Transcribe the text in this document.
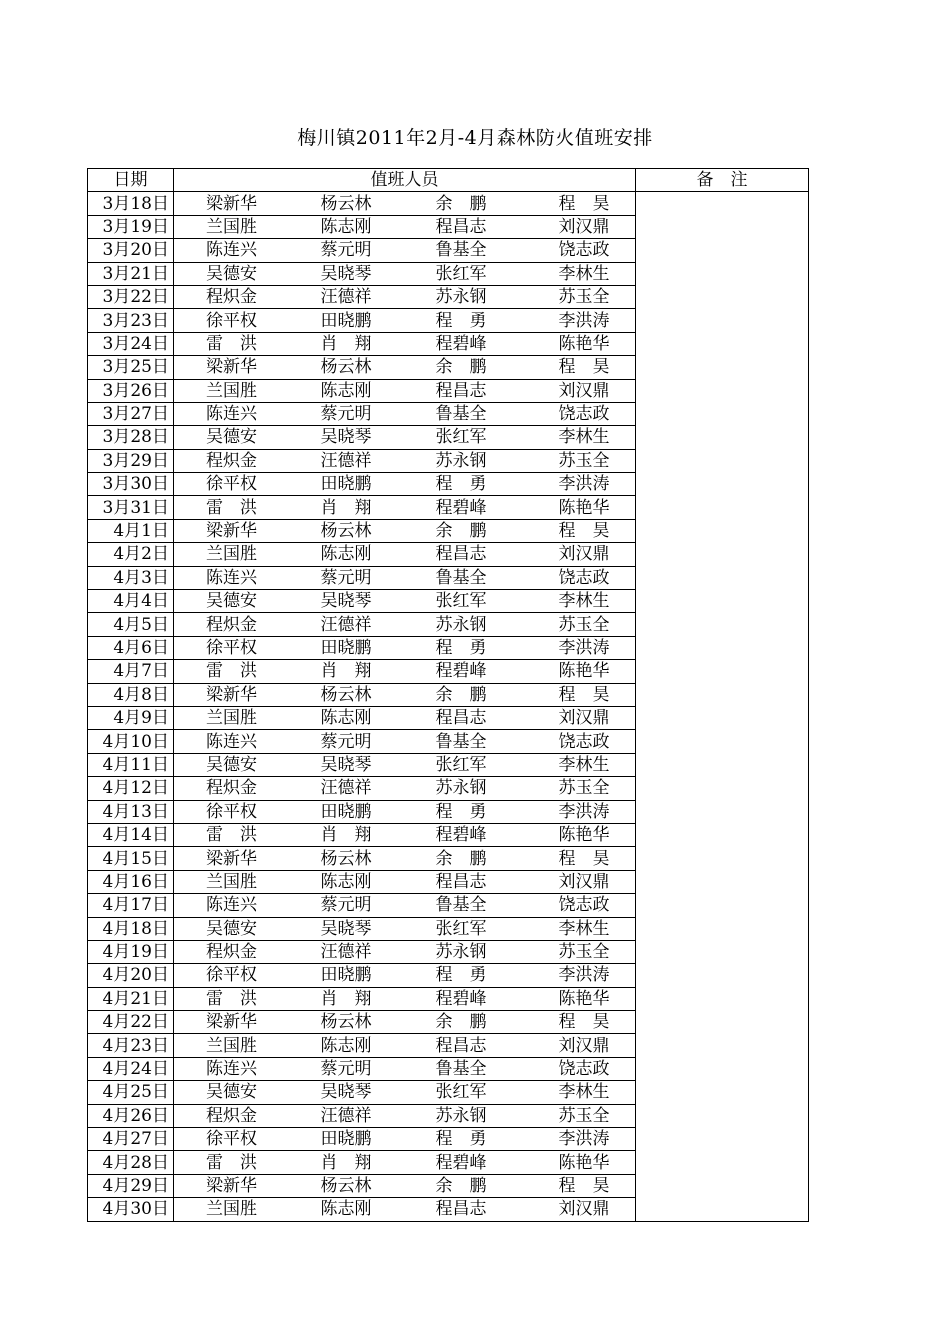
梅川镇2011年2月-4月森林防火值班安排
日期	值班人员				备　注
3月18日	梁新华	杨云林	余　鹏	程　昊	
3月19日	兰国胜	陈志刚	程昌志	刘汉鼎	
3月20日	陈连兴	蔡元明	鲁基全	饶志政	
3月21日	吴德安	吴晓琴	张红军	李林生	
3月22日	程炽金	汪德祥	苏永钢	苏玉全	
3月23日	徐平权	田晓鹏	程　勇	李洪涛	
3月24日	雷　洪	肖　翔	程碧峰	陈艳华	
3月25日	梁新华	杨云林	余　鹏	程　昊	
3月26日	兰国胜	陈志刚	程昌志	刘汉鼎	
3月27日	陈连兴	蔡元明	鲁基全	饶志政	
3月28日	吴德安	吴晓琴	张红军	李林生	
3月29日	程炽金	汪德祥	苏永钢	苏玉全	
3月30日	徐平权	田晓鹏	程　勇	李洪涛	
3月31日	雷　洪	肖　翔	程碧峰	陈艳华	
4月1日	梁新华	杨云林	余　鹏	程　昊	
4月2日	兰国胜	陈志刚	程昌志	刘汉鼎	
4月3日	陈连兴	蔡元明	鲁基全	饶志政	
4月4日	吴德安	吴晓琴	张红军	李林生	
4月5日	程炽金	汪德祥	苏永钢	苏玉全	
4月6日	徐平权	田晓鹏	程　勇	李洪涛	
4月7日	雷　洪	肖　翔	程碧峰	陈艳华	
4月8日	梁新华	杨云林	余　鹏	程　昊	
4月9日	兰国胜	陈志刚	程昌志	刘汉鼎	
4月10日	陈连兴	蔡元明	鲁基全	饶志政	
4月11日	吴德安	吴晓琴	张红军	李林生	
4月12日	程炽金	汪德祥	苏永钢	苏玉全	
4月13日	徐平权	田晓鹏	程　勇	李洪涛	
4月14日	雷　洪	肖　翔	程碧峰	陈艳华	
4月15日	梁新华	杨云林	余　鹏	程　昊	
4月16日	兰国胜	陈志刚	程昌志	刘汉鼎	
4月17日	陈连兴	蔡元明	鲁基全	饶志政	
4月18日	吴德安	吴晓琴	张红军	李林生	
4月19日	程炽金	汪德祥	苏永钢	苏玉全	
4月20日	徐平权	田晓鹏	程　勇	李洪涛	
4月21日	雷　洪	肖　翔	程碧峰	陈艳华	
4月22日	梁新华	杨云林	余　鹏	程　昊	
4月23日	兰国胜	陈志刚	程昌志	刘汉鼎	
4月24日	陈连兴	蔡元明	鲁基全	饶志政	
4月25日	吴德安	吴晓琴	张红军	李林生	
4月26日	程炽金	汪德祥	苏永钢	苏玉全	
4月27日	徐平权	田晓鹏	程　勇	李洪涛	
4月28日	雷　洪	肖　翔	程碧峰	陈艳华	
4月29日	梁新华	杨云林	余　鹏	程　昊	
4月30日	兰国胜	陈志刚	程昌志	刘汉鼎	
